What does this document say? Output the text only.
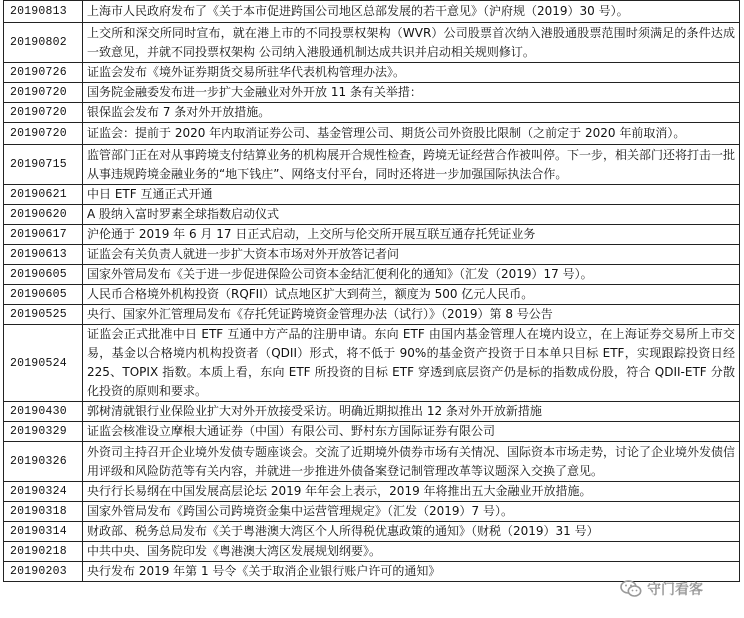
20190813	上海市人民政府发布了《关于本市促进跨国公司地区总部发展的若干意见》（沪府规（2019）30 号）。
20190802	上交所和深交所同时宣布，就在港上市的不同投票权架构（WVR）公司股票首次纳入港股通股票范围时须满足的条件达成一致意见，并就不同投票权架构 公司纳入港股通机制达成共识并启动相关规则修订。
20190726	证监会发布《境外证券期货交易所驻华代表机构管理办法》。
20190720	国务院金融委发布进一步扩大金融业对外开放 11 条有关举措：
20190720	银保监会发布 7 条对外开放措施。
20190720	证监会：提前于 2020 年内取消证券公司、基金管理公司、期货公司外资股比限制（之前定于 2020 年前取消）。
20190715	监管部门正在对从事跨境支付结算业务的机构展开合规性检查，跨境无证经营合作被叫停。下一步，相关部门还将打击一批从事违规跨境金融业务的“地下钱庄”、网络支付平台，同时还将进一步加强国际执法合作。
20190621	中日 ETF 互通正式开通
20190620	A 股纳入富时罗素全球指数启动仪式
20190617	沪伦通于 2019 年 6 月 17 日正式启动，上交所与伦交所开展互联互通存托凭证业务
20190613	证监会有关负责人就进一步扩大资本市场对外开放答记者问
20190605	国家外管局发布《关于进一步促进保险公司资本金结汇便利化的通知》（汇发（2019）17 号）。
20190605	人民币合格境外机构投资（RQFII）试点地区扩大到荷兰，额度为 500 亿元人民币。
20190525	央行、国家外汇管理局发布《存托凭证跨境资金管理办法（试行）》（2019）第 8 号公告
20190524	证监会正式批准中日 ETF 互通中方产品的注册申请。东向 ETF 由国内基金管理人在境内设立，在上海证券交易所上市交易，基金以合格境内机构投资者（QDII）形式，将不低于 90%的基金资产投资于日本单只目标 ETF，实现跟踪投资日经 225、TOPIX 指数。本质上看，东向 ETF 所投资的目标 ETF 穿透到底层资产仍是标的指数成份股，符合 QDII-ETF 分散化投资的原则和要求。
20190430	郭树清就银行业保险业扩大对外开放接受采访。明确近期拟推出 12 条对外开放新措施
20190329	证监会核准设立摩根大通证券（中国）有限公司、野村东方国际证券有限公司
20190326	外资司主持召开企业境外发债专题座谈会。交流了近期境外债券市场有关情况、国际资本市场走势，讨论了企业境外发债信用评级和风险防范等有关内容，并就进一步推进外债备案登记制管理改革等议题深入交换了意见。
20190324	央行行长易纲在中国发展高层论坛 2019 年年会上表示，2019 年将推出五大金融业开放措施。
20190318	国家外管局发布《跨国公司跨境资金集中运营管理规定》（汇发（2019）7 号）。
20190314	财政部、税务总局发布《关于粤港澳大湾区个人所得税优惠政策的通知》（财税（2019）31 号）
20190218	中共中央、国务院印发《粤港澳大湾区发展规划纲要》。
20190203	央行发布 2019 年第 1 号令《关于取消企业银行账户许可的通知》
守门看客
